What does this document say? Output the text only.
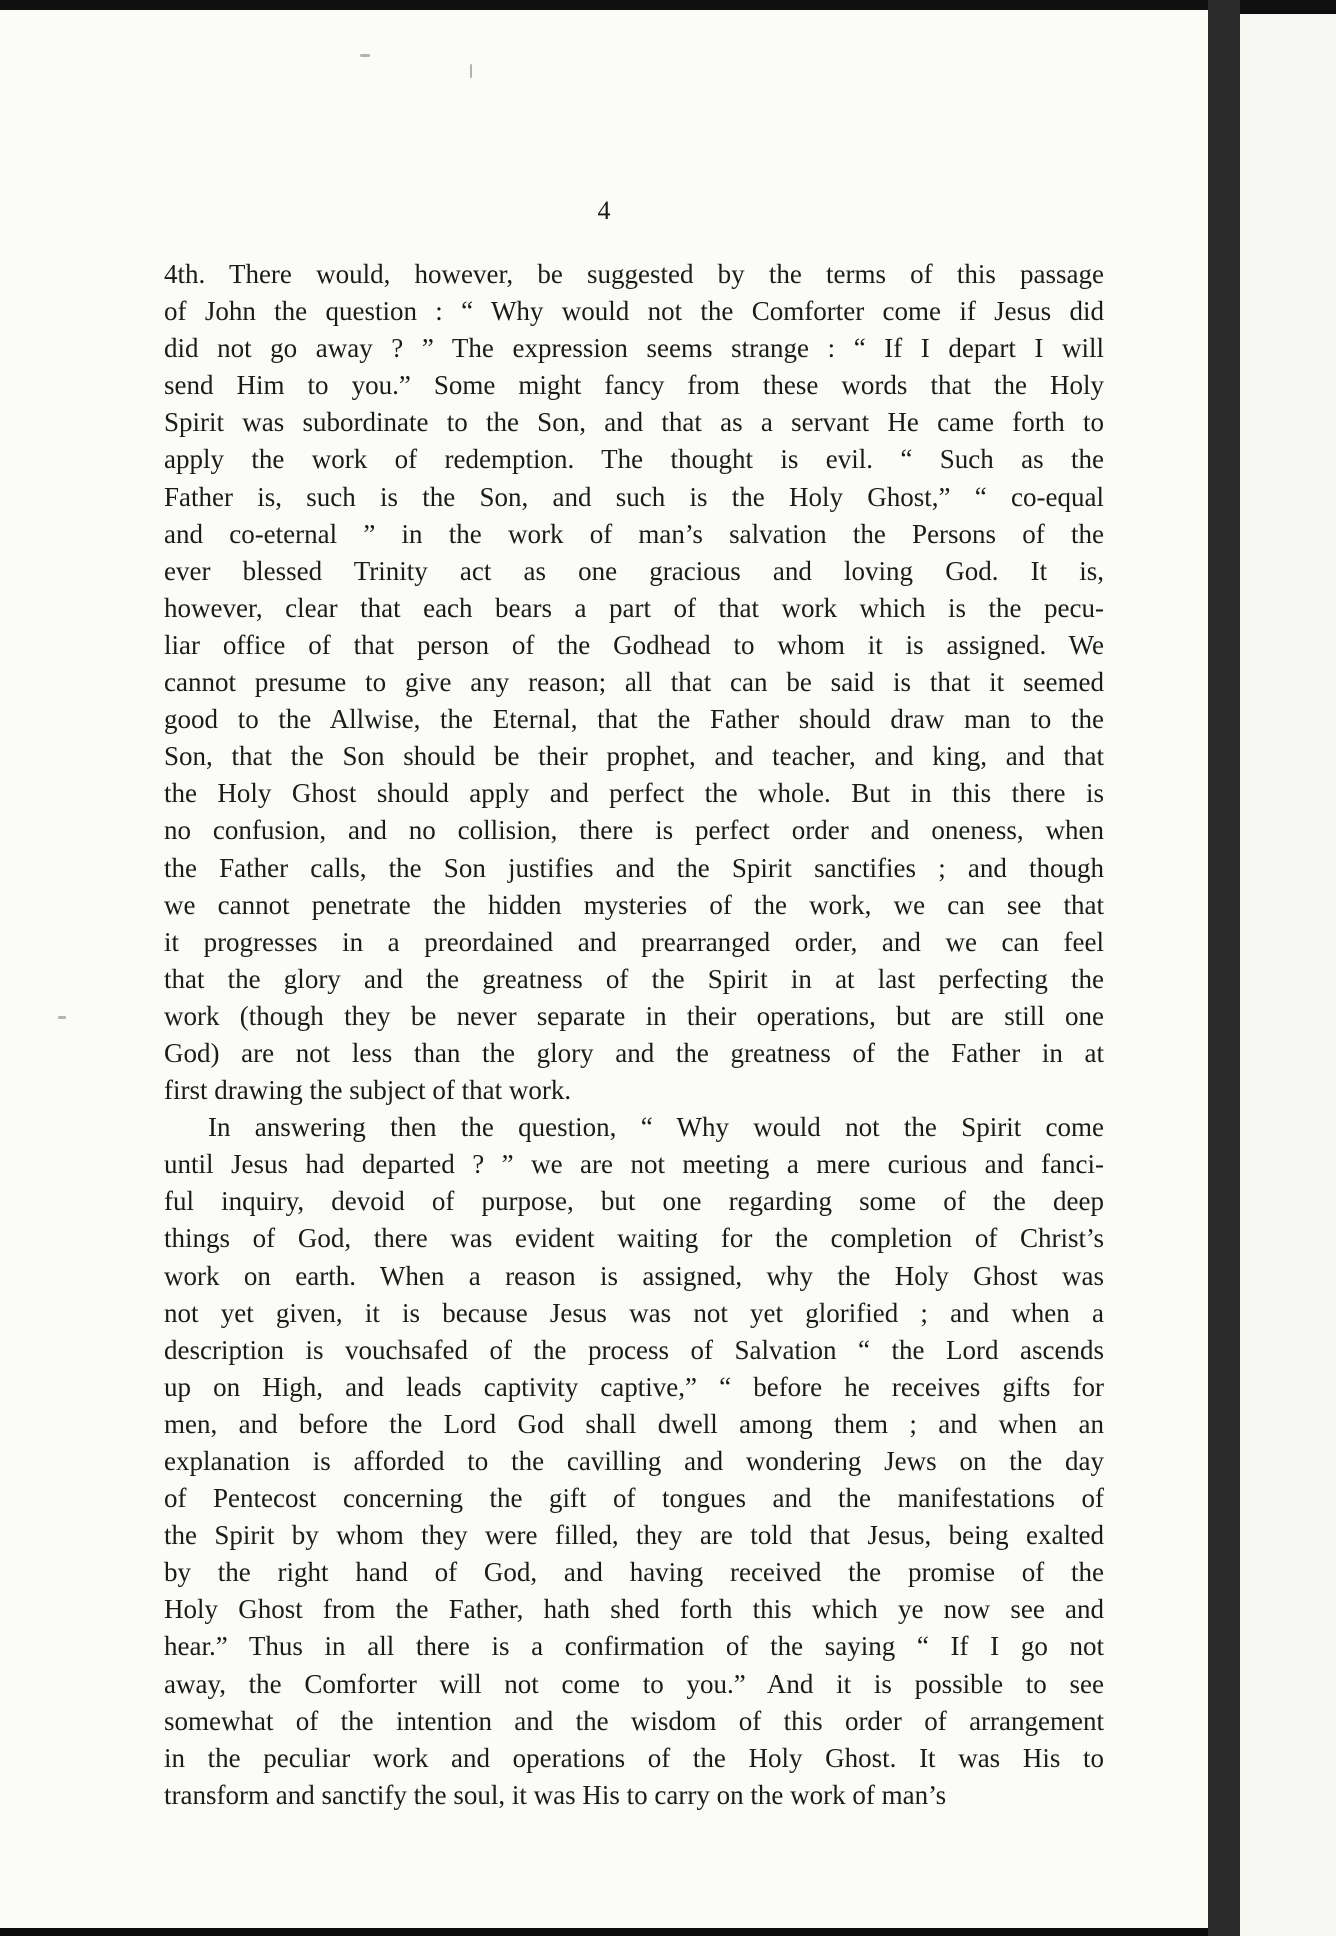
4
4th. There would, however, be suggested by the terms of this passage
of John the question : “ Why would not the Comforter come if Jesus did
did not go away ? ” The expression seems strange : “ If I depart I will
send Him to you.” Some might fancy from these words that the Holy
Spirit was subordinate to the Son, and that as a servant He came forth to
apply the work of redemption. The thought is evil. “ Such as the
Father is, such is the Son, and such is the Holy Ghost,” “ co-equal
and co-eternal ” in the work of man’s salvation the Persons of the
ever blessed Trinity act as one gracious and loving God. It is,
however, clear that each bears a part of that work which is the pecu-
liar office of that person of the Godhead to whom it is assigned. We
cannot presume to give any reason; all that can be said is that it seemed
good to the Allwise, the Eternal, that the Father should draw man to the
Son, that the Son should be their prophet, and teacher, and king, and that
the Holy Ghost should apply and perfect the whole. But in this there is
no confusion, and no collision, there is perfect order and oneness, when
the Father calls, the Son justifies and the Spirit sanctifies ; and though
we cannot penetrate the hidden mysteries of the work, we can see that
it progresses in a preordained and prearranged order, and we can feel
that the glory and the greatness of the Spirit in at last perfecting the
work (though they be never separate in their operations, but are still one
God) are not less than the glory and the greatness of the Father in at
first drawing the subject of that work.
In answering then the question, “ Why would not the Spirit come
until Jesus had departed ? ” we are not meeting a mere curious and fanci-
ful inquiry, devoid of purpose, but one regarding some of the deep
things of God, there was evident waiting for the completion of Christ’s
work on earth. When a reason is assigned, why the Holy Ghost was
not yet given, it is because Jesus was not yet glorified ; and when a
description is vouchsafed of the process of Salvation “ the Lord ascends
up on High, and leads captivity captive,” “ before he receives gifts for
men, and before the Lord God shall dwell among them ; and when an
explanation is afforded to the cavilling and wondering Jews on the day
of Pentecost concerning the gift of tongues and the manifestations of
the Spirit by whom they were filled, they are told that Jesus, being exalted
by the right hand of God, and having received the promise of the
Holy Ghost from the Father, hath shed forth this which ye now see and
hear.” Thus in all there is a confirmation of the saying “ If I go not
away, the Comforter will not come to you.” And it is possible to see
somewhat of the intention and the wisdom of this order of arrangement
in the peculiar work and operations of the Holy Ghost. It was His to
transform and sanctify the soul, it was His to carry on the work of man’s
